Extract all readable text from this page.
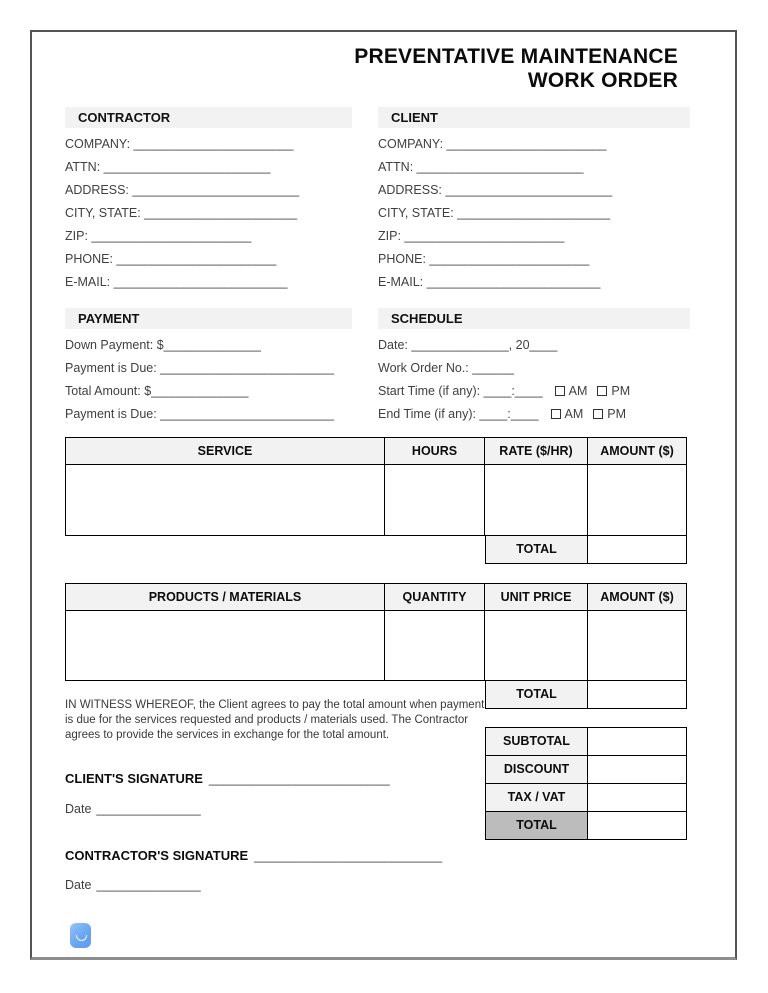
PREVENTATIVE MAINTENANCE
WORK ORDER
CONTRACTOR	CLIENT
COMPANY: _______________________
ATTN: ________________________
ADDRESS: ________________________
CITY, STATE: ______________________
ZIP: _______________________
PHONE: _______________________
E-MAIL: _________________________
COMPANY: _______________________
ATTN: ________________________
ADDRESS: ________________________
CITY, STATE: ______________________
ZIP: _______________________
PHONE: _______________________
E-MAIL: _________________________
PAYMENT	SCHEDULE
Down Payment: $______________
Payment is Due: _________________________
Total Amount: $______________
Payment is Due: _________________________
Date: ______________, 20____
Work Order No.: ______
Start Time (if any): ____:____ AM PM
End Time (if any): ____:____ AM PM
SERVICE	HOURS	RATE ($/HR)	AMOUNT ($)
TOTAL
PRODUCTS / MATERIALS	QUANTITY	UNIT PRICE	AMOUNT ($)
TOTAL
IN WITNESS WHEREOF, the Client agrees to pay the total amount when payment is due for the services requested and products / materials used. The Contractor agrees to provide the services in exchange for the total amount.
CLIENT'S SIGNATURE _________________________
Date _______________
SUBTOTAL
DISCOUNT
TAX / VAT
TOTAL
CONTRACTOR'S SIGNATURE __________________________
Date _______________
